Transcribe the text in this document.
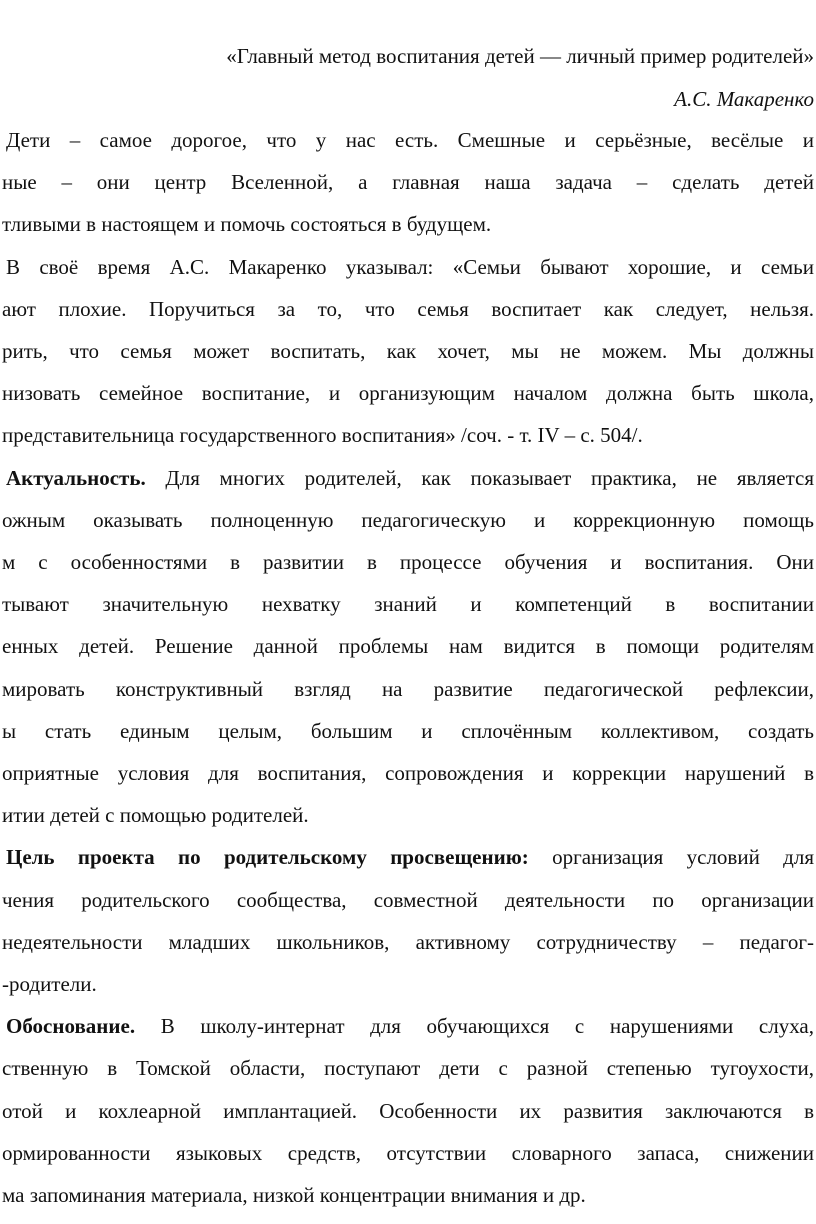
«Главный метод воспитания детей — личный пример родителей»
А.С. Макаренко
Дети – самое дорогое, что у нас есть. Смешные и серьёзные, весёлые и
ные – они центр Вселенной, а главная наша задача – сделать детей
тливыми в настоящем и помочь состояться в будущем.
В своё время А.С. Макаренко указывал: «Семьи бывают хорошие, и семьи
ают плохие. Поручиться за то, что семья воспитает как следует, нельзя.
рить, что семья может воспитать, как хочет, мы не можем. Мы должны
низовать семейное воспитание, и организующим началом должна быть школа,
представительница государственного воспитания» /соч. - т. IV – с. 504/.
Актуальность. Для многих родителей, как показывает практика, не является
ожным оказывать полноценную педагогическую и коррекционную помощь
м с особенностями в развитии в процессе обучения и воспитания. Они
тывают значительную нехватку знаний и компетенций в воспитании
енных детей. Решение данной проблемы нам видится в помощи родителям
мировать конструктивный взгляд на развитие педагогической рефлексии,
ы стать единым целым, большим и сплочённым коллективом, создать
оприятные условия для воспитания, сопровождения и коррекции нарушений в
итии детей с помощью родителей.
Цель проекта по родительскому просвещению: организация условий для
чения родительского сообщества, совместной деятельности по организации
недеятельности младших школьников, активному сотрудничеству – педагог-
-родители.
Обоснование. В школу-интернат для обучающихся с нарушениями слуха,
ственную в Томской области, поступают дети с разной степенью тугоухости,
отой и кохлеарной имплантацией. Особенности их развития заключаются в
ормированности языковых средств, отсутствии словарного запаса, снижении
ма запоминания материала, низкой концентрации внимания и др.
